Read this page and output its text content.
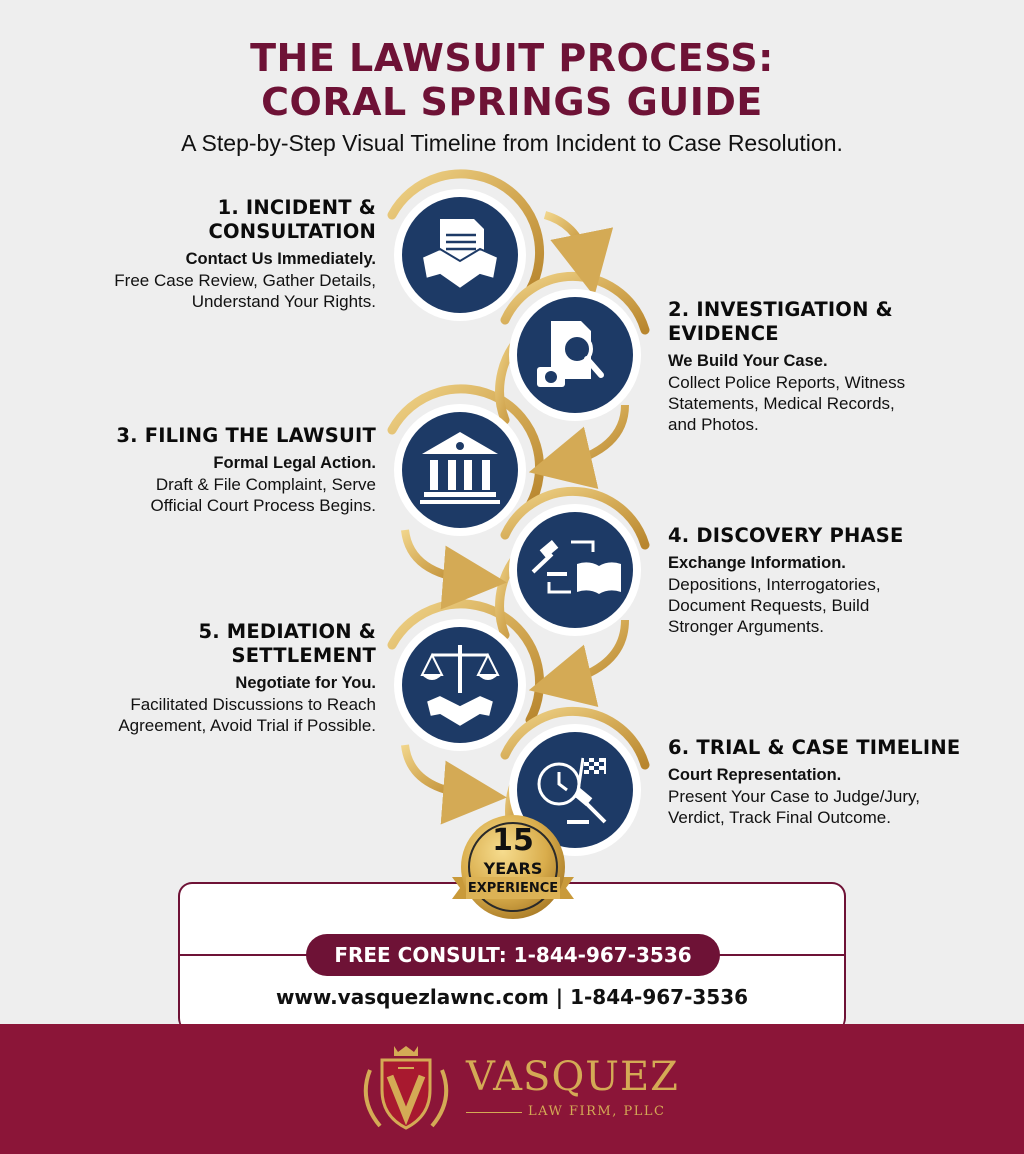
THE LAWSUIT PROCESS:
CORAL SPRINGS GUIDE
A Step-by-Step Visual Timeline from Incident to Case Resolution.
1. INCIDENT &
CONSULTATION
Contact Us Immediately.
Free Case Review, Gather Details,
Understand Your Rights.	2. INVESTIGATION &
EVIDENCE
We Build Your Case.
Collect Police Reports, Witness
Statements, Medical Records,
and Photos.
3. FILING THE LAWSUIT
Formal Legal Action.
Draft & File Complaint, Serve
Official Court Process Begins.
4. DISCOVERY PHASE
Exchange Information.
Depositions, Interrogatories,
Document Requests, Build
Stronger Arguments.
5. MEDIATION &
SETTLEMENT
Negotiate for You.
Facilitated Discussions to Reach
Agreement, Avoid Trial if Possible.
6. TRIAL & CASE TIMELINE
Court Representation.
Present Your Case to Judge/Jury,
Verdict, Track Final Outcome.
FREE CONSULT: 1-844-967-3536
www.vasquezlawnc.com | 1-844-967-3536
15
YEARS
EXPERIENCE
VASQUEZ
LAW FIRM, PLLC
